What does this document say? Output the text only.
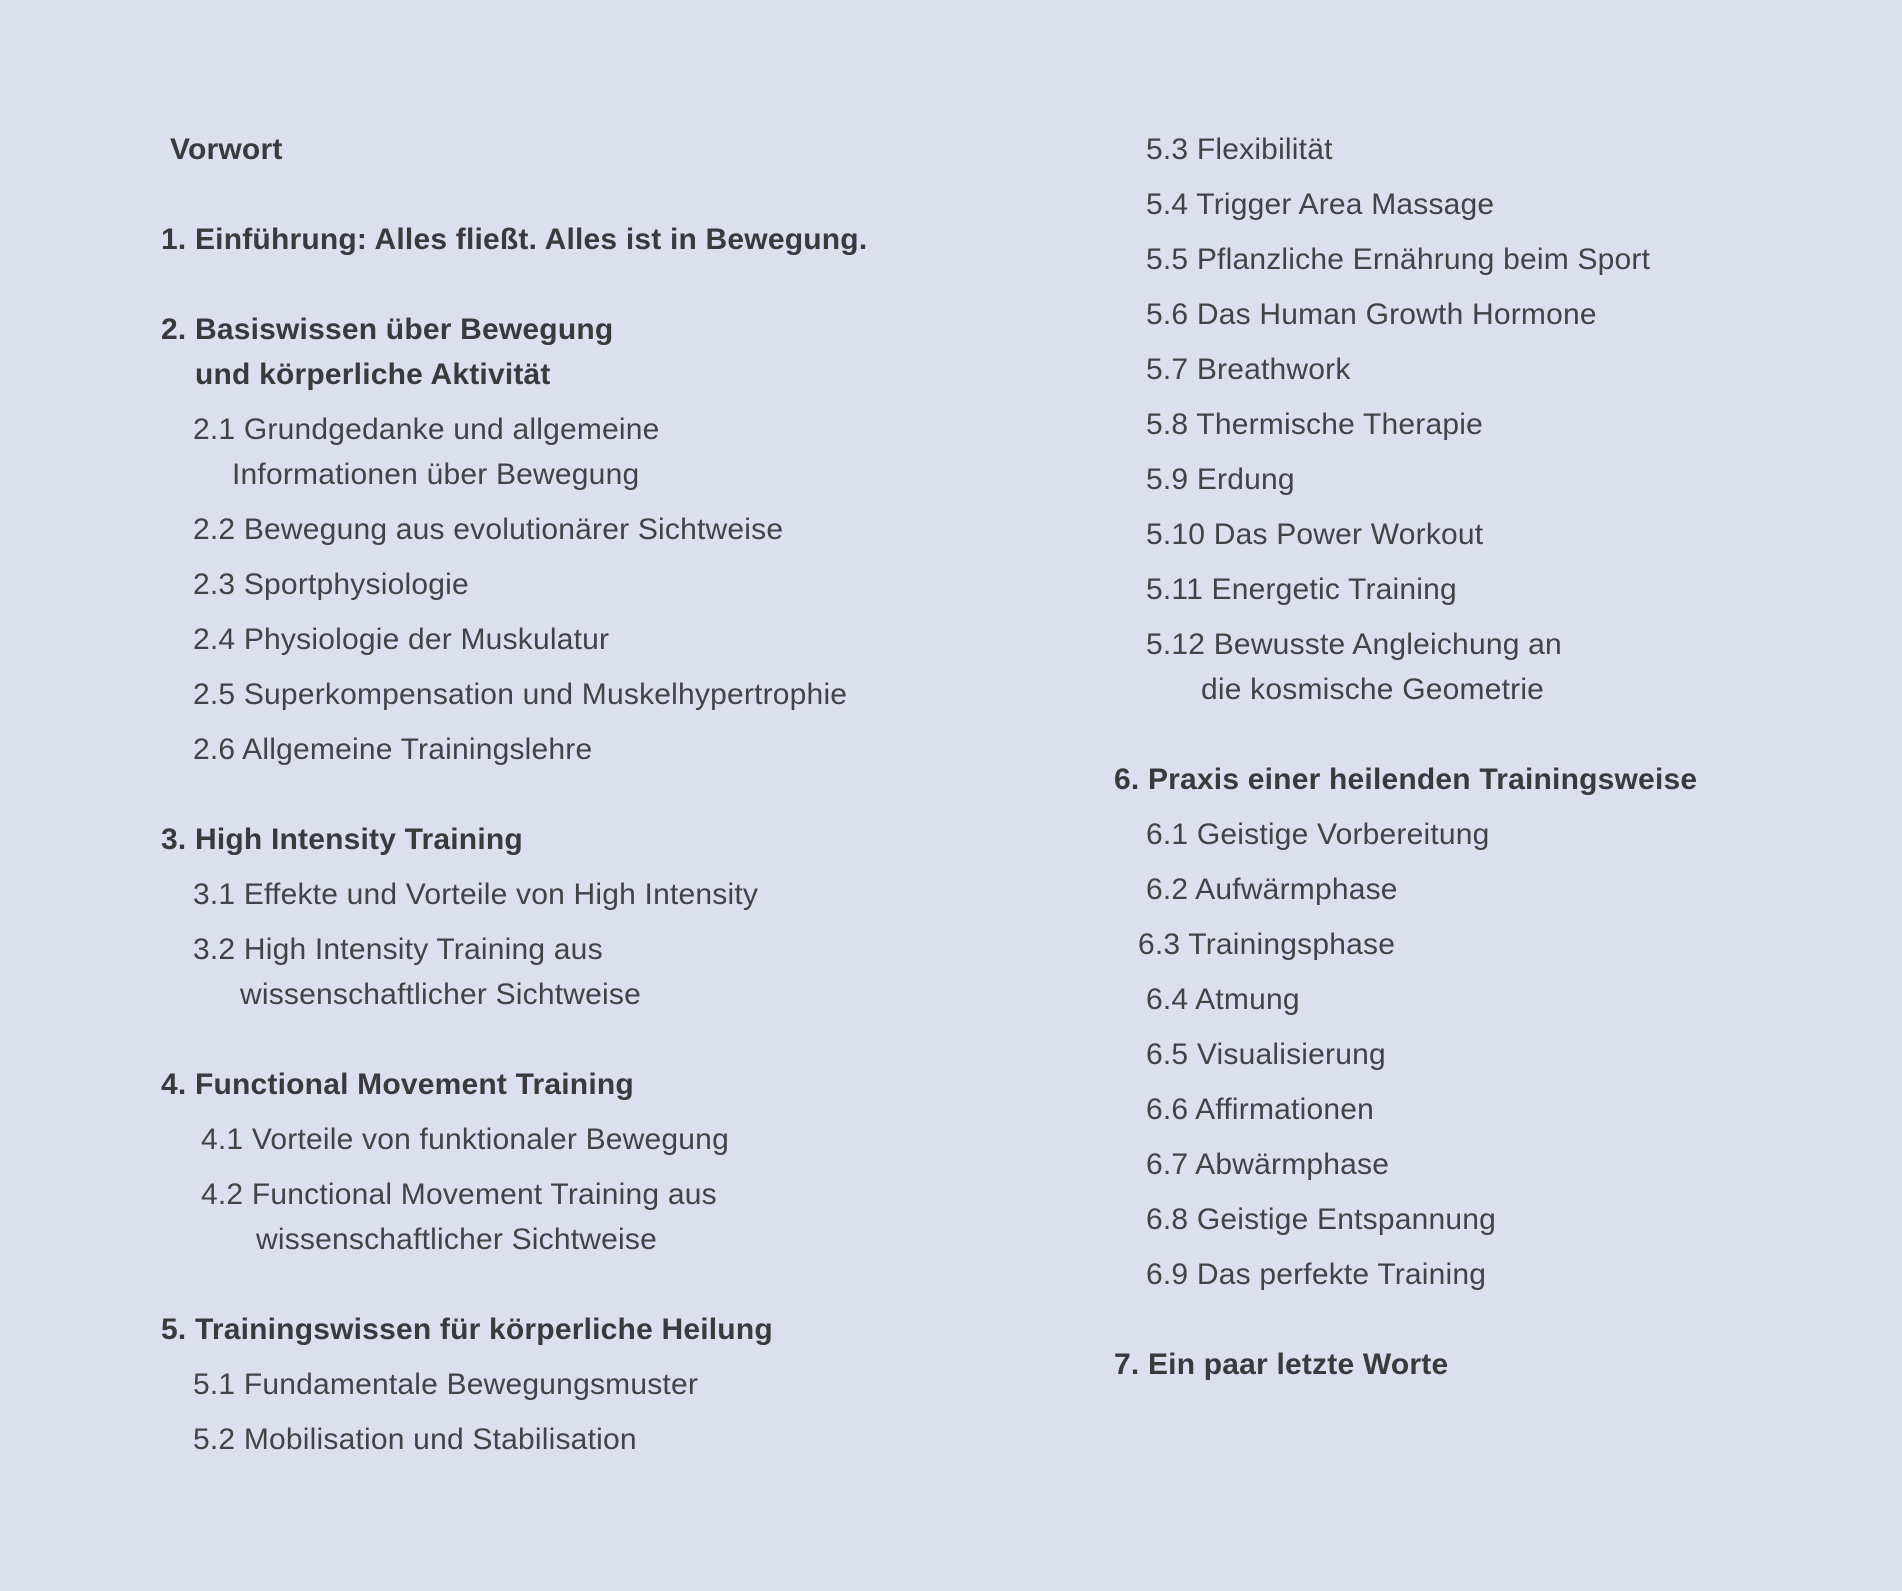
Vorwort
1. Einführung: Alles fließt. Alles ist in Bewegung.
2. Basiswissen über Bewegung
und körperliche Aktivität
2.1 Grundgedanke und allgemeine
Informationen über Bewegung
2.2 Bewegung aus evolutionärer Sichtweise
2.3 Sportphysiologie
2.4 Physiologie der Muskulatur
2.5 Superkompensation und Muskelhypertrophie
2.6 Allgemeine Trainingslehre
3. High Intensity Training
3.1 Effekte und Vorteile von High Intensity
3.2 High Intensity Training aus
wissenschaftlicher Sichtweise
4. Functional Movement Training
4.1 Vorteile von funktionaler Bewegung
4.2 Functional Movement Training aus
wissenschaftlicher Sichtweise
5. Trainingswissen für körperliche Heilung
5.1 Fundamentale Bewegungsmuster
5.2 Mobilisation und Stabilisation
5.3 Flexibilität
5.4 Trigger Area Massage
5.5 Pflanzliche Ernährung beim Sport
5.6 Das Human Growth Hormone
5.7 Breathwork
5.8 Thermische Therapie
5.9 Erdung
5.10 Das Power Workout
5.11 Energetic Training
5.12 Bewusste Angleichung an
die kosmische Geometrie
6. Praxis einer heilenden Trainingsweise
6.1 Geistige Vorbereitung
6.2 Aufwärmphase
6.3 Trainingsphase
6.4 Atmung
6.5 Visualisierung
6.6 Affirmationen
6.7 Abwärmphase
6.8 Geistige Entspannung
6.9 Das perfekte Training
7. Ein paar letzte Worte
